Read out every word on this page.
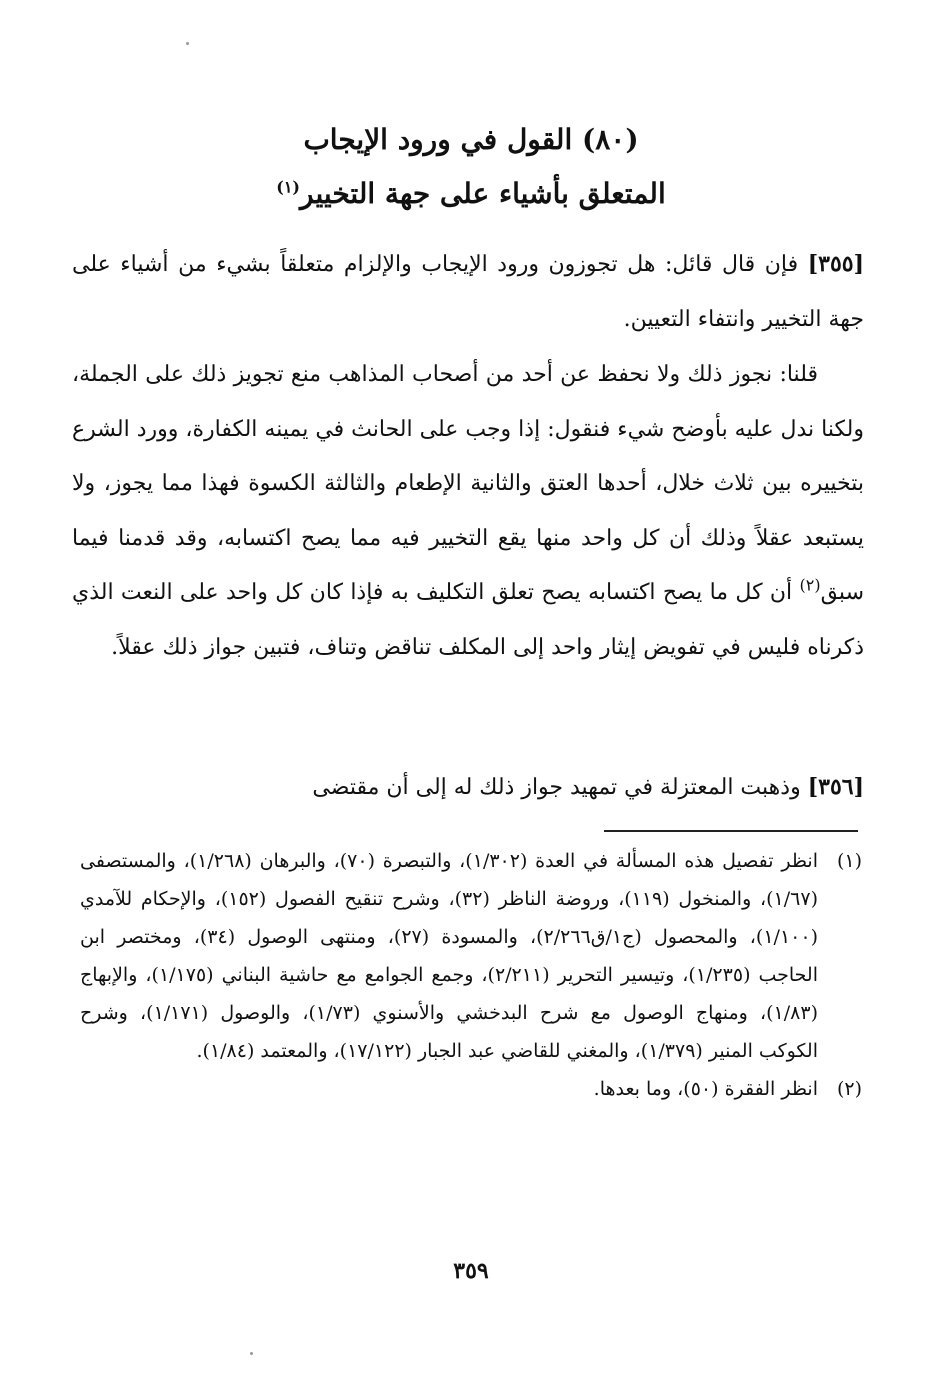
(٨٠) القول في ورود الإيجاب
المتعلق بأشياء على جهة التخيير$^{(١)}$
[٣٥٥] فإن قال قائل: هل تجوزون ورود الإيجاب والإلزام متعلقاً بشيء من أشياء على جهة التخيير وانتفاء التعيين.
قلنا: نجوز ذلك ولا نحفظ عن أحد من أصحاب المذاهب منع تجويز ذلك على الجملة، ولكنا ندل عليه بأوضح شيء فنقول: إذا وجب على الحانث في يمينه الكفارة، وورد الشرع بتخييره بين ثلاث خلال، أحدها العتق والثانية الإطعام والثالثة الكسوة فهذا مما يجوز، ولا يستبعد عقلاً وذلك أن كل واحد منها يقع التخيير فيه مما يصح اكتسابه، وقد قدمنا فيما سبق$^{(٢)}$ أن كل ما يصح اكتسابه يصح تعلق التكليف به فإذا كان كل واحد على النعت الذي ذكرناه فليس في تفويض إيثار واحد إلى المكلف تناقض وتناف، فتبين جواز ذلك عقلاً.
[٣٥٦] وذهبت المعتزلة في تمهيد جواز ذلك له إلى أن مقتضى
(١)
انظر تفصيل هذه المسألة في العدة (١/٣٠٢)، والتبصرة (٧٠)، والبرهان (١/٢٦٨)، والمستصفى (١/٦٧)، والمنخول (١١٩)، وروضة الناظر (٣٢)، وشرح تنقيح الفصول (١٥٢)، والإحكام للآمدي (١/١٠٠)، والمحصول (ج١/ق٢/٢٦٦)، والمسودة (٢٧)، ومنتهى الوصول (٣٤)، ومختصر ابن الحاجب (١/٢٣٥)، وتيسير التحرير (٢/٢١١)، وجمع الجوامع مع حاشية البناني (١/١٧٥)، والإبهاج (١/٨٣)، ومنهاج الوصول مع شرح البدخشي والأسنوي (١/٧٣)، والوصول (١/١٧١)، وشرح الكوكب المنير (١/٣٧٩)، والمغني للقاضي عبد الجبار (١٧/١٢٢)، والمعتمد (١/٨٤).
(٢)
انظر الفقرة (٥٠)، وما بعدها.
٣٥٩
